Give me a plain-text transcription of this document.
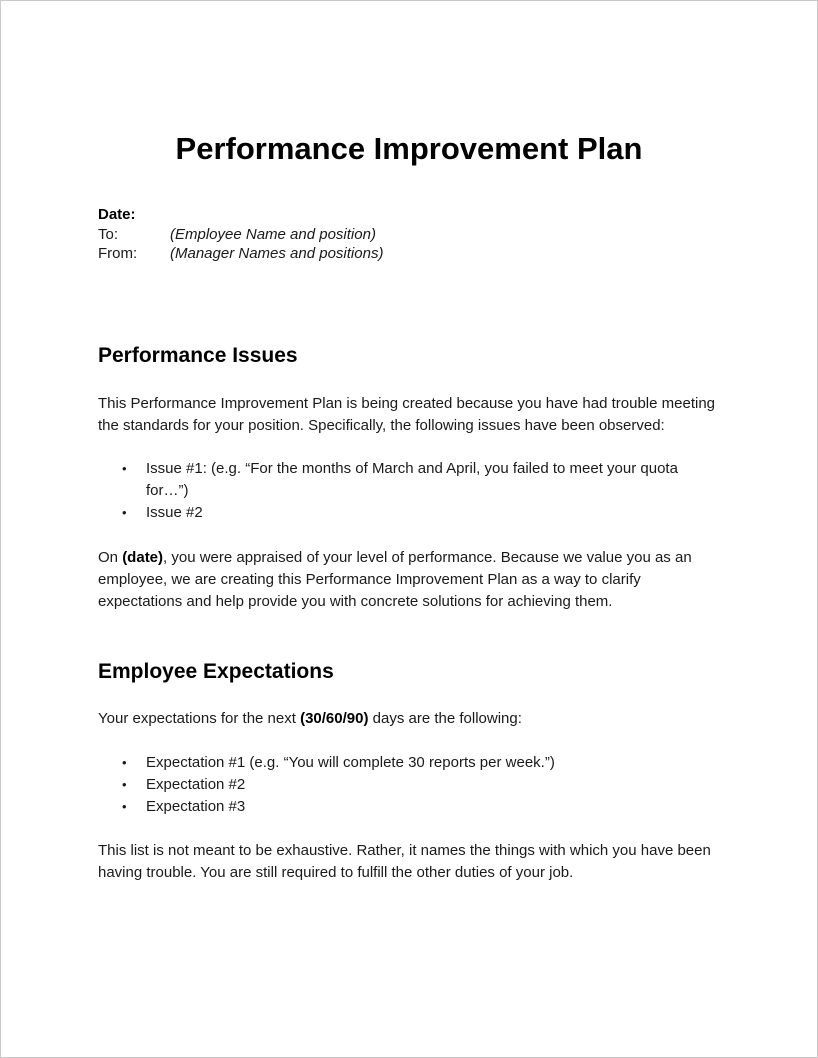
Performance Improvement Plan
Date:
To:	(Employee Name and position)
From:	(Manager Names and positions)
Performance Issues

This Performance Improvement Plan is being created because you have had trouble meeting the standards for your position. Specifically, the following issues have been observed:

• Issue #1: (e.g. “For the months of March and April, you failed to meet your quota for…”)
• Issue #2

On (date), you were appraised of your level of performance. Because we value you as an employee, we are creating this Performance Improvement Plan as a way to clarify expectations and help provide you with concrete solutions for achieving them.

Employee Expectations

Your expectations for the next (30/60/90) days are the following:

• Expectation #1 (e.g. “You will complete 30 reports per week.”)
• Expectation #2
• Expectation #3

This list is not meant to be exhaustive. Rather, it names the things with which you have been having trouble. You are still required to fulfill the other duties of your job.
